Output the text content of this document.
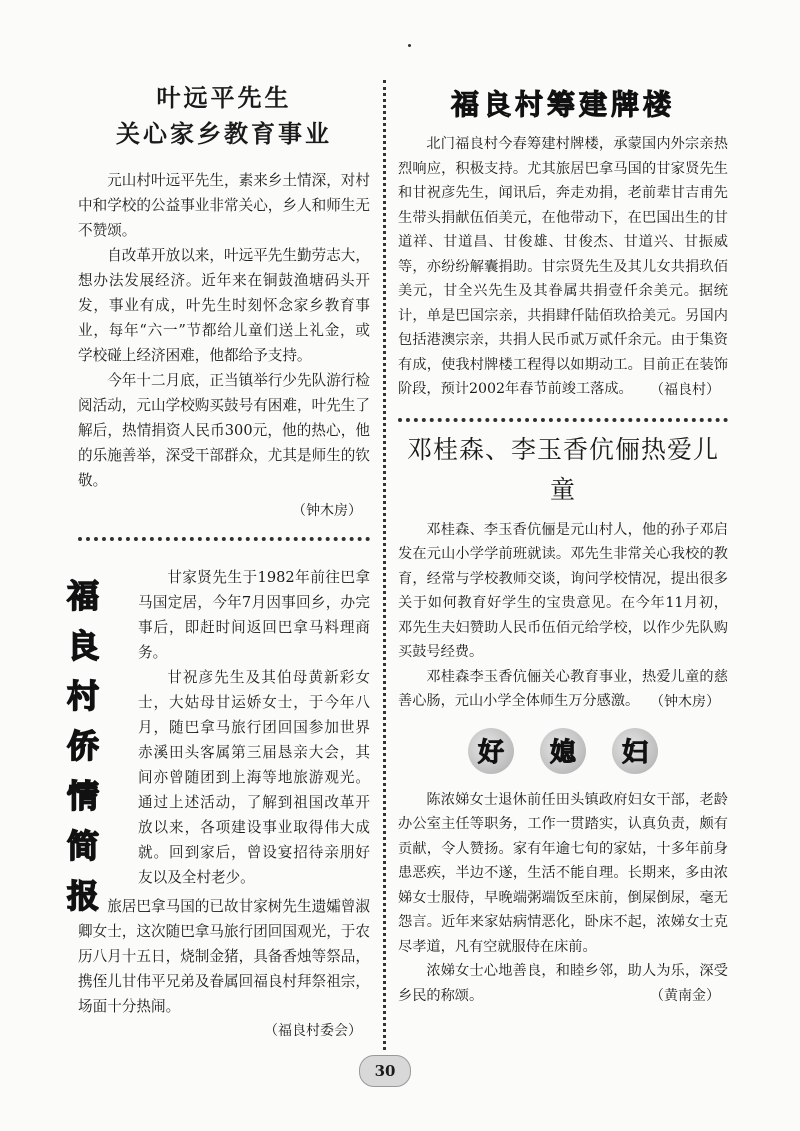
叶远平先生

关心家乡教育事业

元山村叶远平先生，素来乡土情深，对村中和学校的公益事业非常关心，乡人和师生无不赞颂。

自改革开放以来，叶远平先生勤劳志大，想办法发展经济。近年来在铜鼓渔塘码头开发，事业有成，叶先生时刻怀念家乡教育事业，每年“六一”节都给儿童们送上礼金，或学校碰上经济困难，他都给予支持。

今年十二月底，正当镇举行少先队游行检阅活动，元山学校购买鼓号有困难，叶先生了解后，热情捐资人民币300元，他的热心，他的乐施善举，深受干部群众，尤其是师生的钦敬。

（钟木房）

福
良
村
侨
情
简
报

甘家贤先生于1982年前往巴拿马国定居，今年7月因事回乡，办完事后，即赶时间返回巴拿马料理商务。

甘祝彦先生及其伯母黄新彩女士，大姑母甘运娇女士，于今年八月，随巴拿马旅行团回国参加世界赤溪田头客属第三届恳亲大会，其间亦曾随团到上海等地旅游观光。通过上述活动，了解到祖国改革开放以来，各项建设事业取得伟大成就。回到家后，曾设宴招待亲朋好友以及全村老少。

旅居巴拿马国的已故甘家树先生遗孀曾淑卿女士，这次随巴拿马旅行团回国观光，于农历八月十五日，烧制金猪，具备香烛等祭品，携侄儿甘伟平兄弟及眷属回福良村拜祭祖宗，场面十分热闹。

（福良村委会）

福良村筹建牌楼

北门福良村今春筹建村牌楼，承蒙国内外宗亲热烈响应，积极支持。尤其旅居巴拿马国的甘家贤先生和甘祝彦先生，闻讯后，奔走劝捐，老前辈甘吉甫先生带头捐献伍佰美元，在他带动下，在巴国出生的甘道祥、甘道昌、甘俊雄、甘俊杰、甘道兴、甘振威等，亦纷纷解囊捐助。甘宗贤先生及其儿女共捐玖佰美元，甘全兴先生及其眷属共捐壹仟余美元。据统计，单是巴国宗亲，共捐肆仟陆佰玖拾美元。另国内包括港澳宗亲，共捐人民币贰万贰仟余元。由于集资有成，使我村牌楼工程得以如期动工。目前正在装饰阶段，预计2002年春节前竣工落成。	（福良村）

邓桂森、李玉香伉俪热爱儿童

邓桂森、李玉香伉俪是元山村人，他的孙子邓启发在元山小学学前班就读。邓先生非常关心我校的教育，经常与学校教师交谈，询问学校情况，提出很多关于如何教育好学生的宝贵意见。在今年11月初，邓先生夫妇赞助人民币伍佰元给学校，以作少先队购买鼓号经费。

邓桂森李玉香伉俪关心教育事业，热爱儿童的慈善心肠，元山小学全体师生万分感激。 （钟木房）

好	媳	妇

陈浓娣女士退休前任田头镇政府妇女干部，老龄办公室主任等职务，工作一贯踏实，认真负责，颇有贡献，令人赞扬。家有年逾七旬的家姑，十多年前身患恶疾，半边不遂，生活不能自理。长期来，多由浓娣女士服侍，早晚端粥端饭至床前，倒屎倒尿，毫无怨言。近年来家姑病情恶化，卧床不起，浓娣女士克尽孝道，凡有空就服侍在床前。

浓娣女士心地善良，和睦乡邻，助人为乐，深受乡民的称颂。	（黄南金）

30
